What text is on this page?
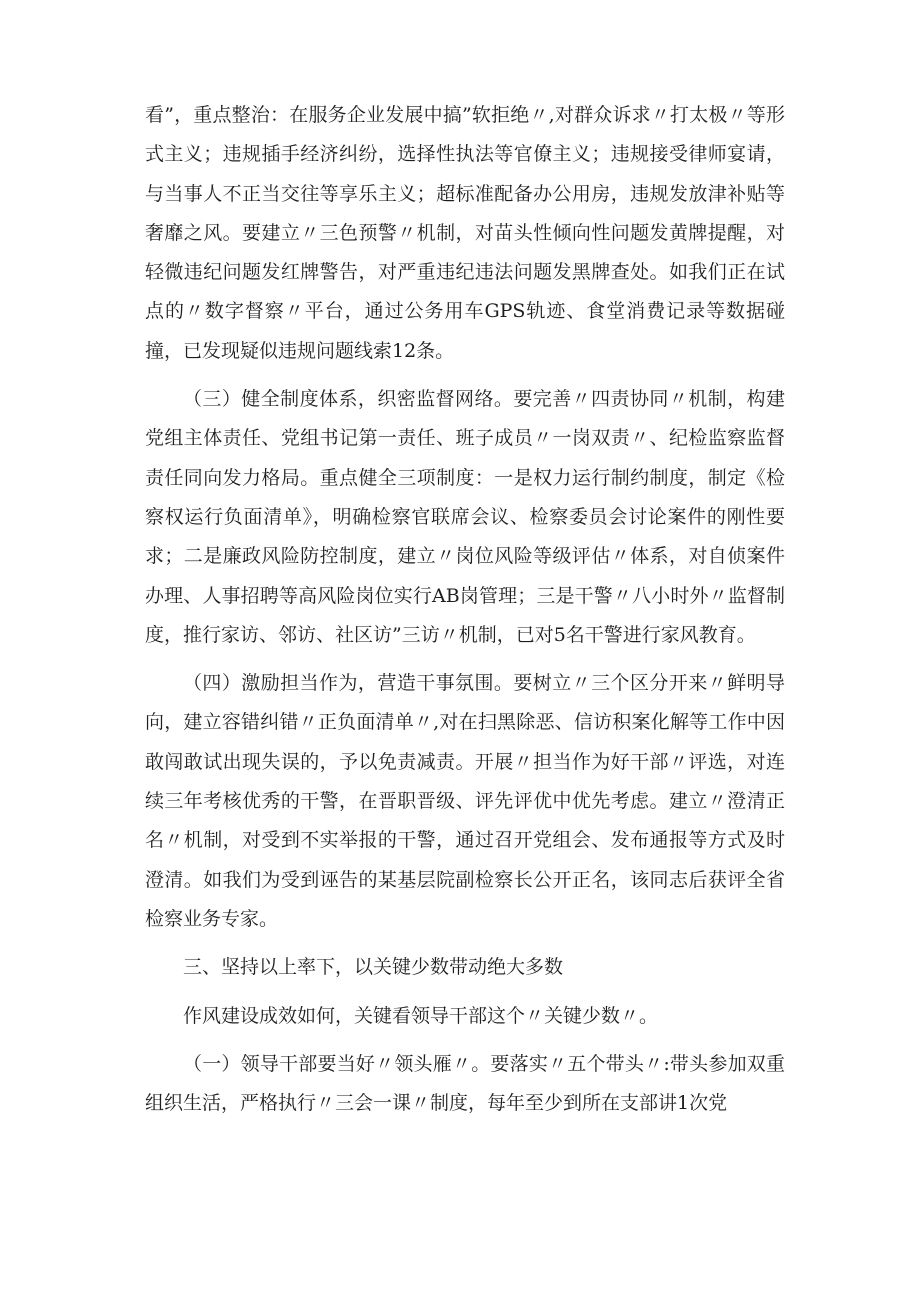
看”，重点整治：在服务企业发展中搞”软拒绝〃,对群众诉求〃打太极〃等形式主义；违规插手经济纠纷，选择性执法等官僚主义；违规接受律师宴请，与当事人不正当交往等享乐主义；超标准配备办公用房，违规发放津补贴等奢靡之风。要建立〃三色预警〃机制，对苗头性倾向性问题发黄牌提醒，对轻微违纪问题发红牌警告，对严重违纪违法问题发黑牌查处。如我们正在试点的〃数字督察〃平台，通过公务用车GPS轨迹、食堂消费记录等数据碰撞，已发现疑似违规问题线索12条。

（三）健全制度体系，织密监督网络。要完善〃四责协同〃机制，构建党组主体责任、党组书记第一责任、班子成员〃一岗双责〃、纪检监察监督责任同向发力格局。重点健全三项制度：一是权力运行制约制度，制定《检察权运行负面清单》，明确检察官联席会议、检察委员会讨论案件的刚性要求；二是廉政风险防控制度，建立〃岗位风险等级评估〃体系，对自侦案件办理、人事招聘等高风险岗位实行AB岗管理；三是干警〃八小时外〃监督制度，推行家访、邻访、社区访”三访〃机制，已对5名干警进行家风教育。

（四）激励担当作为，营造干事氛围。要树立〃三个区分开来〃鲜明导向，建立容错纠错〃正负面清单〃,对在扫黑除恶、信访积案化解等工作中因敢闯敢试出现失误的，予以免责减责。开展〃担当作为好干部〃评选，对连续三年考核优秀的干警，在晋职晋级、评先评优中优先考虑。建立〃澄清正名〃机制，对受到不实举报的干警，通过召开党组会、发布通报等方式及时澄清。如我们为受到诬告的某基层院副检察长公开正名，该同志后获评全省检察业务专家。

三、坚持以上率下，以关键少数带动绝大多数

作风建设成效如何，关键看领导干部这个〃关键少数〃。

（一）领导干部要当好〃领头雁〃。要落实〃五个带头〃:带头参加双重组织生活，严格执行〃三会一课〃制度，每年至少到所在支部讲1次党
